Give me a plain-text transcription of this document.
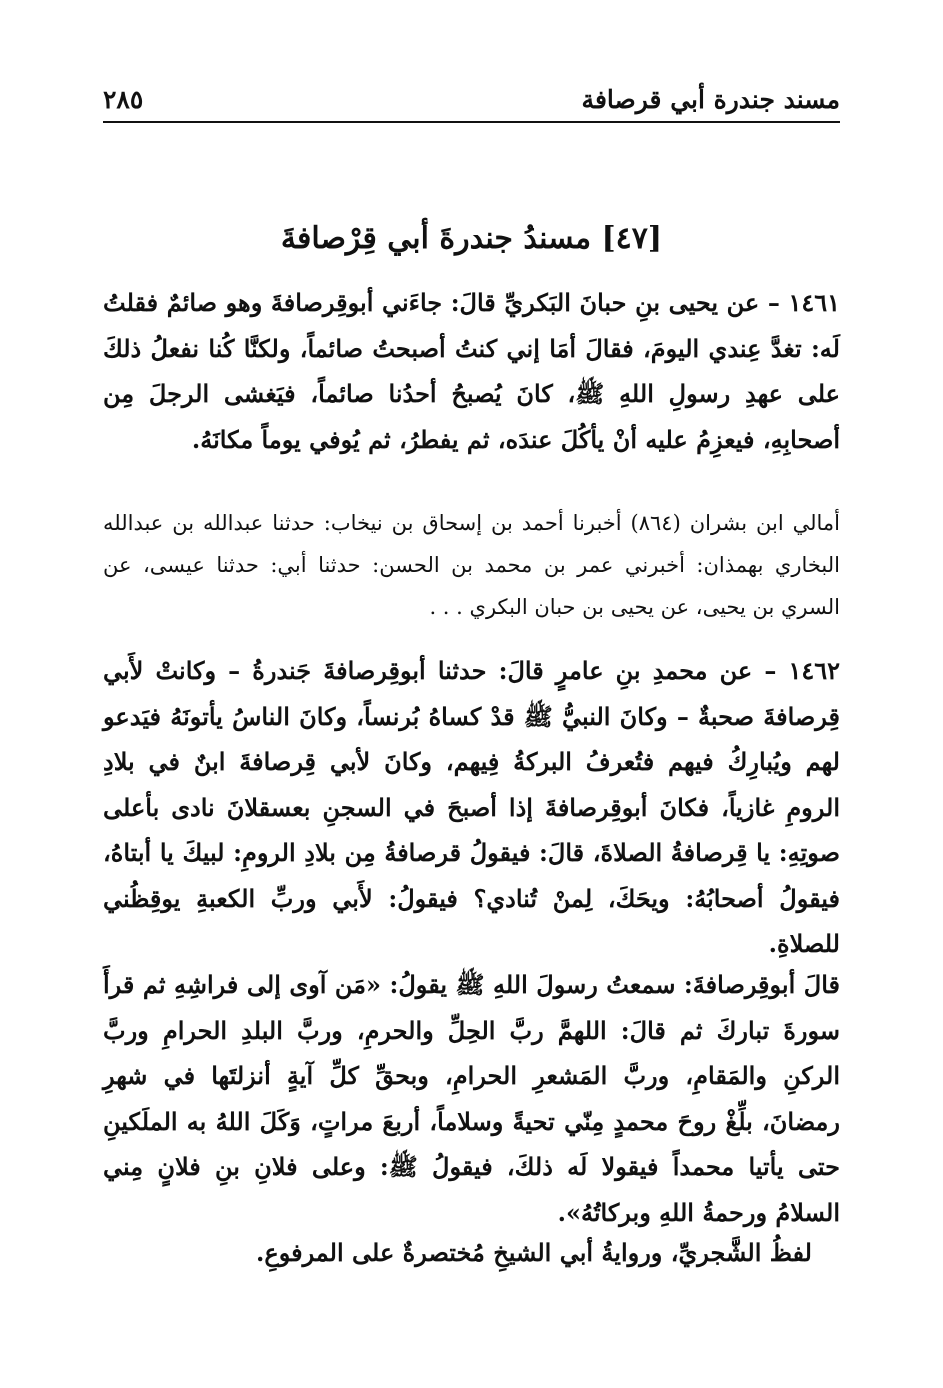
مسند جندرة أبي قرصافة
٢٨٥
[٤٧] مسندُ جندرةَ أبي قِرْصافةَ
١٤٦١ – عن يحيى بنِ حبانَ البَكريِّ قالَ: جاءَني أبوقِرصافةَ وهو صائمٌ فقلتُ لَه: تغدَّ عِندي اليومَ، فقالَ أمَا إني كنتُ أصبحتُ صائماً، ولكنَّا كُنا نفعلُ ذلكَ على عهدِ رسولِ اللهِ ﷺ، كانَ يُصبحُ أحدُنا صائماً، فيَغشى الرجلَ مِن أصحابِهِ، فيعزِمُ عليه أنْ يأكُلَ عندَه، ثم يفطرُ، ثم يُوفي يوماً مكانَهُ.
أمالي ابن بشران (٨٦٤) أخبرنا أحمد بن إسحاق بن نيخاب: حدثنا عبدالله بن عبدالله البخاري بهمذان: أخبرني عمر بن محمد بن الحسن: حدثنا أبي: حدثنا عيسى، عن السري بن يحيى، عن يحيى بن حبان البكري . . .
١٤٦٢ – عن محمدِ بنِ عامرٍ قالَ: حدثنا أبوقِرصافةَ جَندرةُ – وكانتْ لأَبي قِرصافةَ صحبةٌ – وكانَ النبيُّ ﷺ قدْ كساهُ بُرنساً، وكانَ الناسُ يأتونَهُ فيَدعو لهم ويُبارِكُ فيهم فتُعرفُ البركةُ فِيهم، وكانَ لأبي قِرصافةَ ابنٌ في بلادِ الرومِ غازياً، فكانَ أبوقِرصافةَ إذا أصبحَ في السجنِ بعسقلانَ نادى بأعلى صوتِهِ: يا قِرصافةُ الصلاةَ، قالَ: فيقولُ قرصافةُ مِن بلادِ الرومِ: لبيكَ يا أبتاهُ، فيقولُ أصحابُهُ: ويحَكَ، لِمنْ تُنادي؟ فيقولُ: لأَبي وربِّ الكعبةِ يوقِظُني للصلاةِ.
قالَ أبوقِرصافةَ: سمعتُ رسولَ اللهِ ﷺ يقولُ: «مَن آوى إلى فراشِهِ ثم قرأَ سورةَ تباركَ ثم قالَ: اللهمَّ ربَّ الحِلِّ والحرمِ، وربَّ البلدِ الحرامِ وربَّ الركنِ والمَقامِ، وربَّ المَشعرِ الحرامِ، وبحقِّ كلِّ آيةٍ أنزلتَها في شهرِ رمضانَ، بلِّغْ روحَ محمدٍ مِنّي تحيةً وسلاماً، أربعَ مراتٍ، وَكَلَ اللهُ به الملَكينِ حتى يأتيا محمداً فيقولا لَه ذلكَ، فيقولُ ﷺ: وعلى فلانِ بنِ فلانٍ مِني السلامُ ورحمةُ اللهِ وبركاتُهُ».
لفظُ الشَّجريِّ، وروايةُ أبي الشيخِ مُختصرةٌ على المرفوعِ.
